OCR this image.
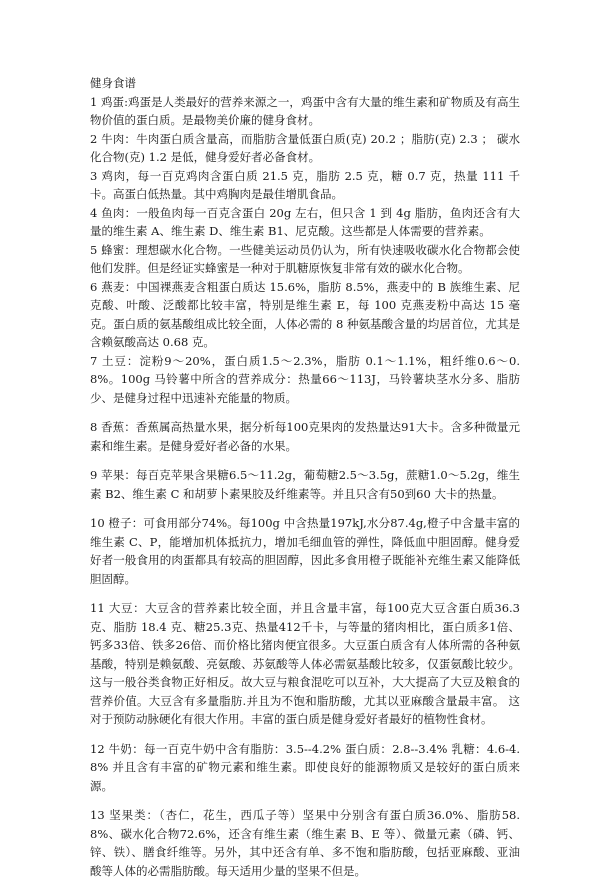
健身食谱

1 鸡蛋:鸡蛋是人类最好的营养来源之一，鸡蛋中含有大量的维生素和矿物质及有高生物价值的蛋白质。是最物美价廉的健身食材。

2 牛肉：牛肉蛋白质含量高，而脂肪含量低蛋白质(克) 20.2 ；脂肪(克) 2.3 ； 碳水化合物(克) 1.2 是低，健身爱好者必备食材。

3 鸡肉，每一百克鸡肉含蛋白质 21.5 克，脂肪 2.5 克，糖 0.7 克，热量 111 千卡。高蛋白低热量。其中鸡胸肉是最佳增肌食品。

4 鱼肉：一般鱼肉每一百克含蛋白 20g 左右，但只含 1 到 4g 脂肪，鱼肉还含有大量的维生素 A、维生素 D、维生素 B1、尼克酸。这些都是人体需要的营养素。

5 蜂蜜：理想碳水化合物。一些健美运动员仍认为，所有快速吸收碳水化合物都会使他们发胖。但是经证实蜂蜜是一种对于肌糖原恢复非常有效的碳水化合物。

6 燕麦：中国裸燕麦含粗蛋白质达 15.6%，脂肪 8.5%，燕麦中的 B 族维生素、尼克酸、叶酸、泛酸都比较丰富，特别是维生素 E，每 100 克燕麦粉中高达 15 毫克。蛋白质的氨基酸组成比较全面，人体必需的 8 种氨基酸含量的均居首位，尤其是含赖氨酸高达 0.68 克。

7 土豆：淀粉9～20%，蛋白质1.5～2.3%，脂肪 0.1～1.1%，粗纤维0.6～0.8%。100g 马铃薯中所含的营养成分：热量66～113J，马铃薯块茎水分多、脂肪少、是健身过程中迅速补充能量的物质。

8 香蕉：香蕉属高热量水果，据分析每100克果肉的发热量达91大卡。含多种微量元素和维生素。是健身爱好者必备的水果。

9 苹果：每百克苹果含果糖6.5～11.2g，葡萄糖2.5～3.5g，蔗糖1.0～5.2g，维生素 B2、维生素 C 和胡萝卜素果胶及纤维素等。并且只含有50到60 大卡的热量。

10 橙子：可食用部分74%。每100g 中含热量197kJ,水分87.4g,橙子中含量丰富的维生素 C、P，能增加机体抵抗力，增加毛细血管的弹性，降低血中胆固醇。健身爱好者一般食用的肉蛋都具有较高的胆固醇，因此多食用橙子既能补充维生素又能降低胆固醇。

11 大豆：大豆含的营养素比较全面，并且含量丰富，每100克大豆含蛋白质36.3克、脂肪 18.4 克、糖25.3克、热量412千卡，与等量的猪肉相比，蛋白质多1倍、钙多33倍、铁多26倍、而价格比猪肉便宜很多。大豆蛋白质含有人体所需的各种氨基酸，特别是赖氨酸、亮氨酸、苏氨酸等人体必需氨基酸比较多，仅蛋氨酸比较少。这与一般谷类食物正好相反。故大豆与粮食混吃可以互补，大大提高了大豆及粮食的营养价值。大豆含有多量脂肪.并且为不饱和脂肪酸，尤其以亚麻酸含量最丰富。 这对于预防动脉硬化有很大作用。丰富的蛋白质是健身爱好者最好的植物性食材。

12 牛奶：每一百克牛奶中含有脂肪：3.5--4.2% 蛋白质：2.8--3.4% 乳糖：4.6-4.8% 并且含有丰富的矿物元素和维生素。即使良好的能源物质又是较好的蛋白质来源。

13 坚果类：（杏仁，花生，西瓜子等）坚果中分别含有蛋白质36.0%、脂肪58.8%、碳水化合物72.6%，还含有维生素（维生素 B、E 等）、微量元素（磷、钙、锌、铁）、膳食纤维等。另外，其中还含有单、多不饱和脂肪酸，包括亚麻酸、亚油酸等人体的必需脂肪酸。每天适用少量的坚果不但是。
